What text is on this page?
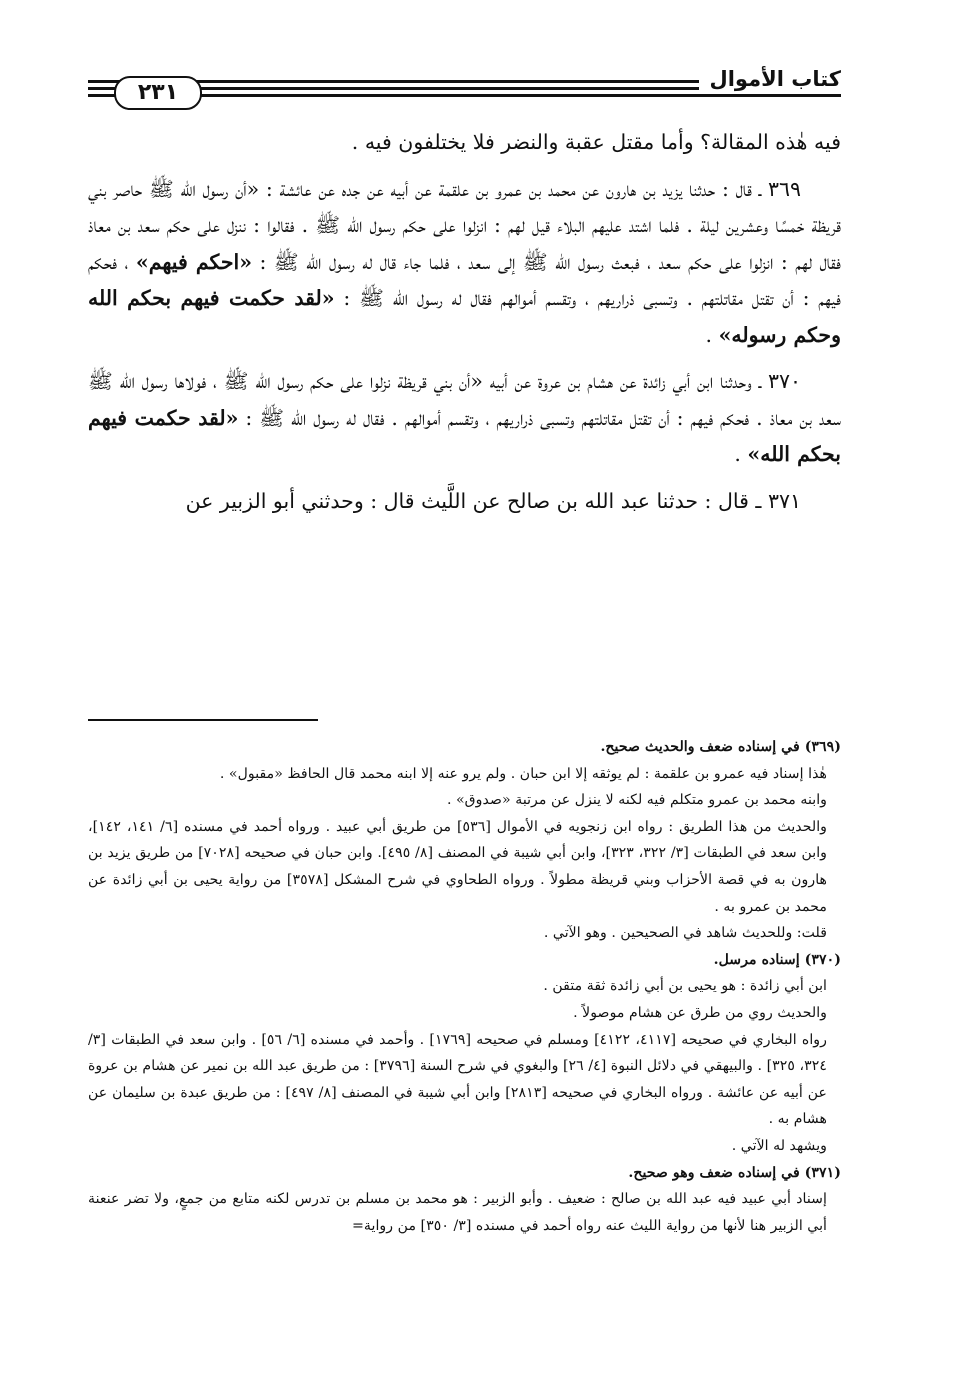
كتاب الأموال
٢٣١

فيه هٰذه المقالة؟ وأما مقتل عقبة والنضر فلا يختلفون فيه .

٣٦٩ ـ قال : حدثنا يزيد بن هارون عن محمد بن عمرو بن علقمة عن أبيه عن جده عن عائشة : «أن رسول الله ﷺ حاصر بني قريظة خمسًا وعشرين ليلة . فلما اشتد عليهم البلاء قيل لهم : انزلوا على حكم رسول الله ﷺ . فقالوا : ننزل على حكم سعد بن معاذ فقال لهم : انزلوا على حكم سعد ، فبعث رسول الله ﷺ إلى سعد ، فلما جاء قال له رسول الله ﷺ : «احكم فيهم» ، فحكم فيهم : أن تقتل مقاتلتهم . وتسبى ذراريهم ، وتقسم أموالهم فقال له رسول الله ﷺ : «لقد حكمت فيهم بحكم الله وحكم رسوله» .

٣٧٠ ـ وحدثنا ابن أبي زائدة عن هشام بن عروة عن أبيه «أن بني قريظة نزلوا على حكم رسول الله ﷺ ، فولاها رسول الله ﷺ سعد بن معاذ . فحكم فيهم : أن تقتل مقاتلتهم وتسبى ذراريهم ، وتقسم أموالهم . فقال له رسول الله ﷺ : «لقد حكمت فيهم بحكم الله» .

٣٧١ ـ قال : حدثنا عبد الله بن صالح عن اللَّيث قال : وحدثني أبو الزبير عن

(٣٦٩) في إسناده ضعف والحديث صحيح.

هٰذا إسناد فيه عمرو بن علقمة : لم يوثقه إلا ابن حبان . ولم يرو عنه إلا ابنه محمد قال الحافظ «مقبول» .

وابنه محمد بن عمرو متكلم فيه لكنه لا ينزل عن مرتبة «صدوق» .

والحديث من هذا الطريق : رواه ابن زنجويه في الأموال [٥٣٦] من طريق أبي عبيد . ورواه أحمد في مسنده [٦/ ١٤١، ١٤٢]، وابن سعد في الطبقات [٣/ ٣٢٢، ٣٢٣]، وابن أبي شيبة في المصنف [٨/ ٤٩٥]. وابن حبان في صحيحه [٧٠٢٨] من طريق يزيد بن هارون به في قصة الأحزاب وبني قريظة مطولاً . ورواه الطحاوي في شرح المشكل [٣٥٧٨] من رواية يحيى بن أبي زائدة عن محمد بن عمرو به .

قلت: وللحديث شاهد في الصحيحين . وهو الآتي .

(٣٧٠) إسناده مرسل.

ابن أبي زائدة : هو يحيى بن أبي زائدة ثقة متقن .

والحديث روي من طرق عن هشام موصولاً .

رواه البخاري في صحيحه [٤١١٧، ٤١٢٢] ومسلم في صحيحه [١٧٦٩] . وأحمد في مسنده [٦/ ٥٦] . وابن سعد في الطبقات [٣/ ٣٢٤، ٣٢٥] . والبيهقي في دلائل النبوة [٤/ ٢٦] والبغوي في شرح السنة [٣٧٩٦] : من طريق عبد الله بن نمير عن هشام بن عروة عن أبيه عن عائشة . ورواه البخاري في صحيحه [٢٨١٣] وابن أبي شيبة في المصنف [٨/ ٤٩٧] : من طريق عبدة بن سليمان عن هشام به .

ويشهد له الآتي .

(٣٧١) في إسناده ضعف وهو صحيح.

إسناد أبي عبيد فيه عبد الله بن صالح : ضعيف . وأبو الزبير : هو محمد بن مسلم بن تدرس لكنه متابع من جمعٍ، ولا تضر عنعنة أبي الزبير هنا لأنها من رواية الليث عنه رواه أحمد في مسنده [٣/ ٣٥٠] من رواية=
